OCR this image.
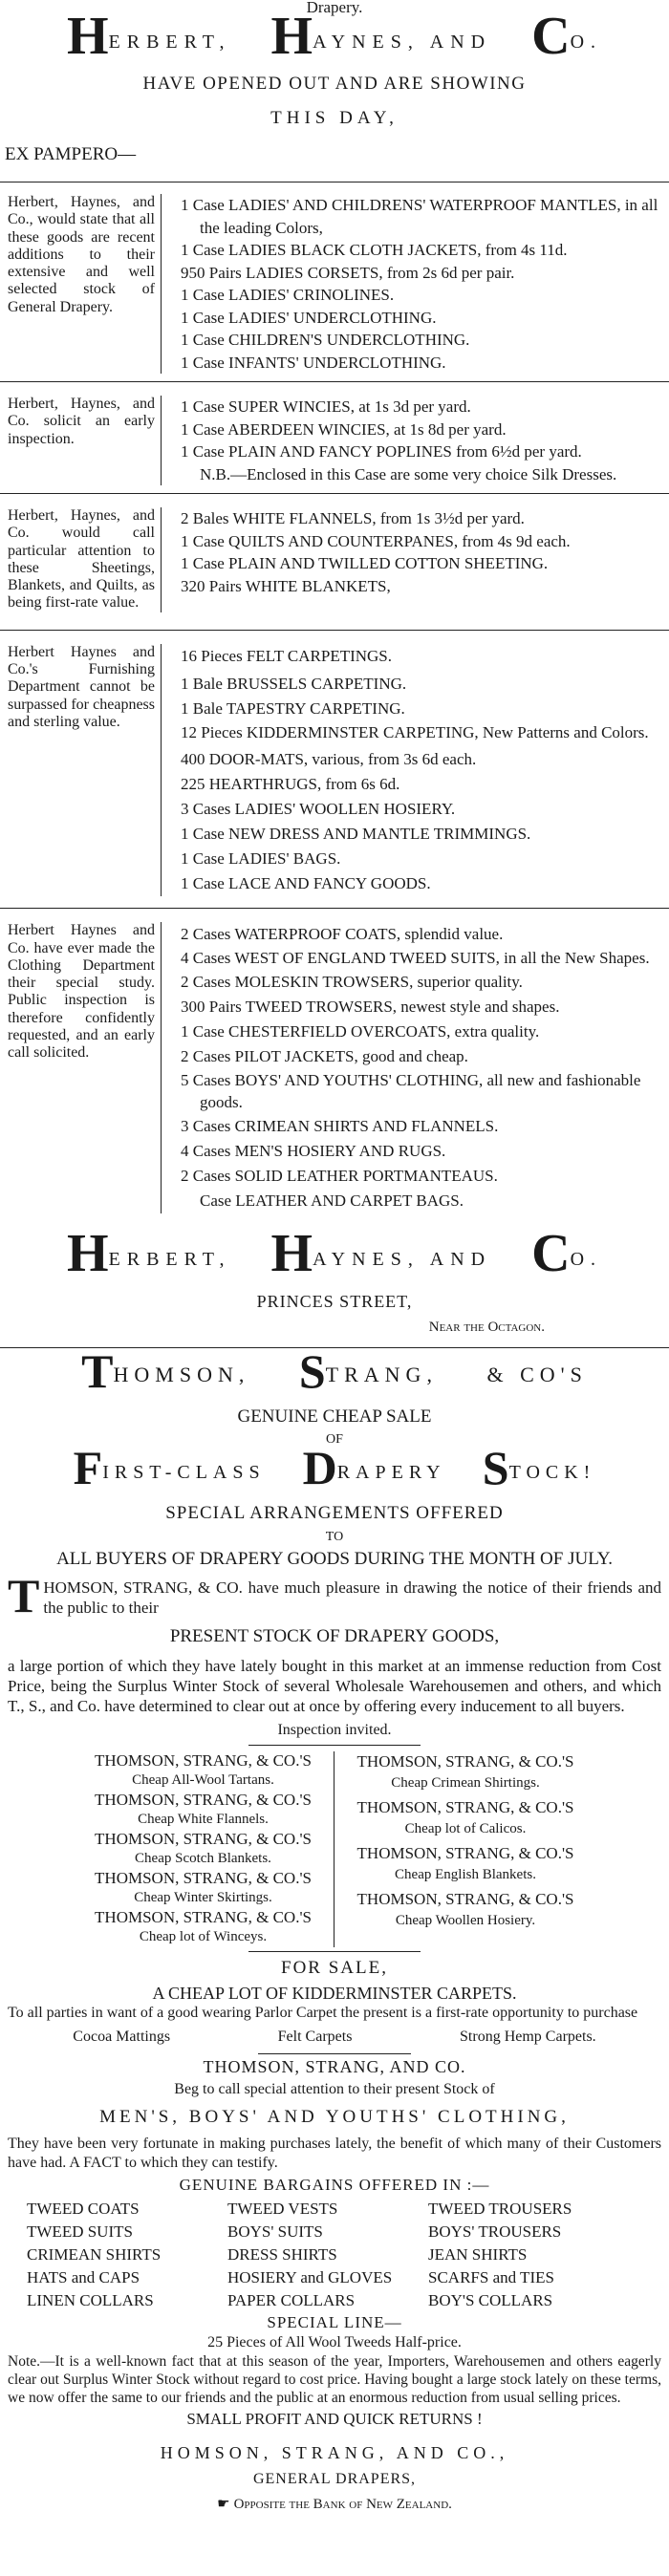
Drapery.
HERBERT, HAYNES, AND CO.
HAVE OPENED OUT AND ARE SHOWING
THIS DAY,
EX PAMPERO—
Herbert, Haynes, and Co., would state that all these goods are recent additions to their extensive and well selected stock of General Drapery.
1 Case LADIES' AND CHILDRENS' WATERPROOF MANTLES, in all the leading Colors,
1 Case LADIES BLACK CLOTH JACKETS, from 4s 11d.
950 Pairs LADIES CORSETS, from 2s 6d per pair.
1 Case LADIES' CRINOLINES.
1 Case LADIES' UNDERCLOTHING.
1 Case CHILDREN'S UNDERCLOTHING.
1 Case INFANTS' UNDERCLOTHING.
Herbert, Haynes, and Co. solicit an early inspection.
1 Case SUPER WINCIES, at 1s 3d per yard.
1 Case ABERDEEN WINCIES, at 1s 8d per yard.
1 Case PLAIN AND FANCY POPLINES from 6½d per yard.
N.B.—Enclosed in this Case are some very choice Silk Dresses.
Herbert, Haynes, and Co. would call particular attention to these Sheetings, Blankets, and Quilts, as being first-rate value.
2 Bales WHITE FLANNELS, from 1s 3½d per yard.
1 Case QUILTS AND COUNTERPANES, from 4s 9d each.
1 Case PLAIN AND TWILLED COTTON SHEETING.
320 Pairs WHITE BLANKETS,
Herbert Haynes and Co.'s Furnishing Department cannot be surpassed for cheapness and sterling value.
16 Pieces FELT CARPETINGS.
1 Bale BRUSSELS CARPETING.
1 Bale TAPESTRY CARPETING.
12 Pieces KIDDERMINSTER CARPETING, New Patterns and Colors.
400 DOOR-MATS, various, from 3s 6d each.
225 HEARTHRUGS, from 6s 6d.
3 Cases LADIES' WOOLLEN HOSIERY.
1 Case NEW DRESS AND MANTLE TRIMMINGS.
1 Case LADIES' BAGS.
1 Case LACE AND FANCY GOODS.
Herbert Haynes and Co. have ever made the Clothing Department their special study. Public inspection is therefore confidently requested, and an early call solicited.
2 Cases WATERPROOF COATS, splendid value.
4 Cases WEST OF ENGLAND TWEED SUITS, in all the New Shapes.
2 Cases MOLESKIN TROWSERS, superior quality.
300 Pairs TWEED TROWSERS, newest style and shapes.
1 Case CHESTERFIELD OVERCOATS, extra quality.
2 Cases PILOT JACKETS, good and cheap.
5 Cases BOYS' AND YOUTHS' CLOTHING, all new and fashionable goods.
3 Cases CRIMEAN SHIRTS AND FLANNELS.
4 Cases MEN'S HOSIERY AND RUGS.
2 Cases SOLID LEATHER PORTMANTEAUS.
Case LEATHER AND CARPET BAGS.
HERBERT, HAYNES, AND CO.
PRINCES STREET,
Near the Octagon.
THOMSON, STRANG, & CO'S
GENUINE CHEAP SALE
OF
FIRST-CLASS DRAPERY STOCK!
SPECIAL ARRANGEMENTS OFFERED
TO
ALL BUYERS OF DRAPERY GOODS DURING THE MONTH OF JULY.
THOMSON, STRANG, & CO. have much pleasure in drawing the notice of their friends and the public to their
PRESENT STOCK OF DRAPERY GOODS,
a large portion of which they have lately bought in this market at an immense reduction from Cost Price, being the Surplus Winter Stock of several Wholesale Warehousemen and others, and which T., S., and Co. have determined to clear out at once by offering every inducement to all buyers.
Inspection invited.
THOMSON, STRANG, & CO.'S
Cheap All-Wool Tartans.
THOMSON, STRANG, & CO.'S
Cheap White Flannels.
THOMSON, STRANG, & CO.'S
Cheap Scotch Blankets.
THOMSON, STRANG, & CO.'S
Cheap Winter Skirtings.
THOMSON, STRANG, & CO.'S
Cheap lot of Winceys.
THOMSON, STRANG, & CO.'S
Cheap Crimean Shirtings.
THOMSON, STRANG, & CO.'S
Cheap lot of Calicos.
THOMSON, STRANG, & CO.'S
Cheap English Blankets.
THOMSON, STRANG, & CO.'S
Cheap Woollen Hosiery.
FOR SALE,
A CHEAP LOT OF KIDDERMINSTER CARPETS.
To all parties in want of a good wearing Parlor Carpet the present is a first-rate opportunity to purchase
Cocoa Mattings	Felt Carpets	Strong Hemp Carpets.
THOMSON, STRANG, AND CO.
Beg to call special attention to their present Stock of
MEN'S, BOYS' AND YOUTHS' CLOTHING,
They have been very fortunate in making purchases lately, the benefit of which many of their Customers have had. A FACT to which they can testify.
GENUINE BARGAINS OFFERED IN :—
TWEED COATS	TWEED VESTS	TWEED TROUSERS
TWEED SUITS	BOYS' SUITS	BOYS' TROUSERS
CRIMEAN SHIRTS	DRESS SHIRTS	JEAN SHIRTS
HATS and CAPS	HOSIERY and GLOVES	SCARFS and TIES
LINEN COLLARS	PAPER COLLARS	BOY'S COLLARS
SPECIAL LINE—
25 Pieces of All Wool Tweeds Half-price.
Note.—It is a well-known fact that at this season of the year, Importers, Warehousemen and others eagerly clear out Surplus Winter Stock without regard to cost price. Having bought a large stock lately on these terms, we now offer the same to our friends and the public at an enormous reduction from usual selling prices.
SMALL PROFIT AND QUICK RETURNS !
HOMSON, STRANG, AND CO.,
GENERAL DRAPERS,
☛ Opposite the Bank of New Zealand.
